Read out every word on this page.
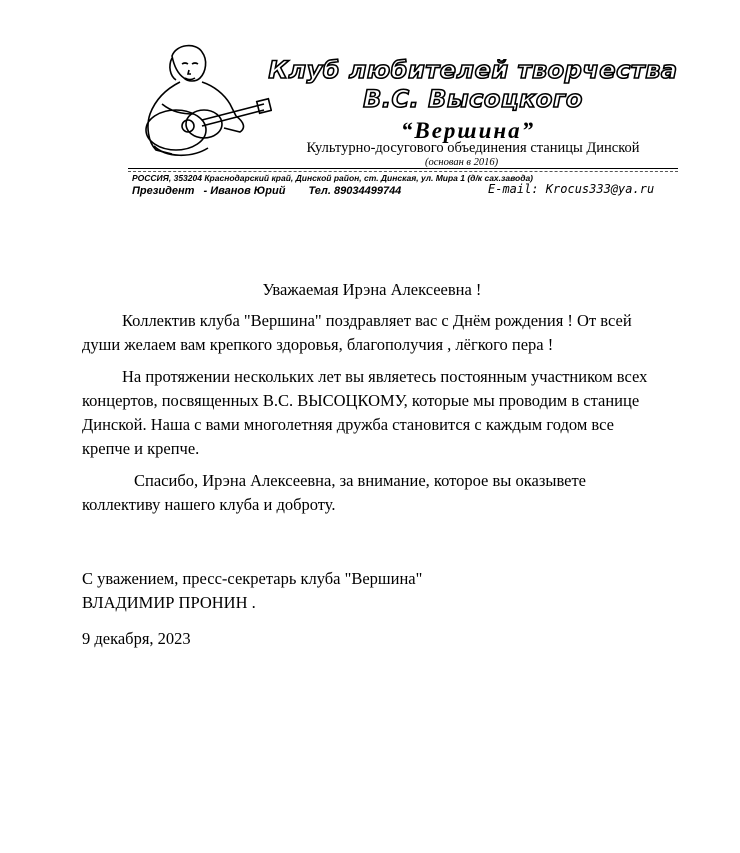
Клуб любителей творчества
В.С. Высоцкого
“Вершина”
Культурно-досугового объединения станицы Динской
(основан в 2016)
РОССИЯ, 353204 Краснодарский край, Динской район, ст. Динская, ул. Мира 1 (д/к сах.завода)
Президент - Иванов Юрий Тел. 89034499744	E-mail: Krocus333@ya.ru

Уважаемая Ирэна Алексеевна !

Коллектив клуба "Вершина" поздравляет вас с Днём рождения ! От всей души желаем вам крепкого здоровья, благополучия , лёгкого пера !

На протяжении нескольких лет вы являетесь постоянным участником всех концертов, посвященных В.С. ВЫСОЦКОМУ, которые мы проводим в станице Динской. Наша с вами многолетняя дружба становится с каждым годом все крепче и крепче.

Спасибо, Ирэна Алексеевна, за внимание, которое вы оказывете коллективу нашего клуба и доброту.

С уважением, пресс-секретарь клуба "Вершина"
ВЛАДИМИР ПРОНИН .
9 декабря, 2023
